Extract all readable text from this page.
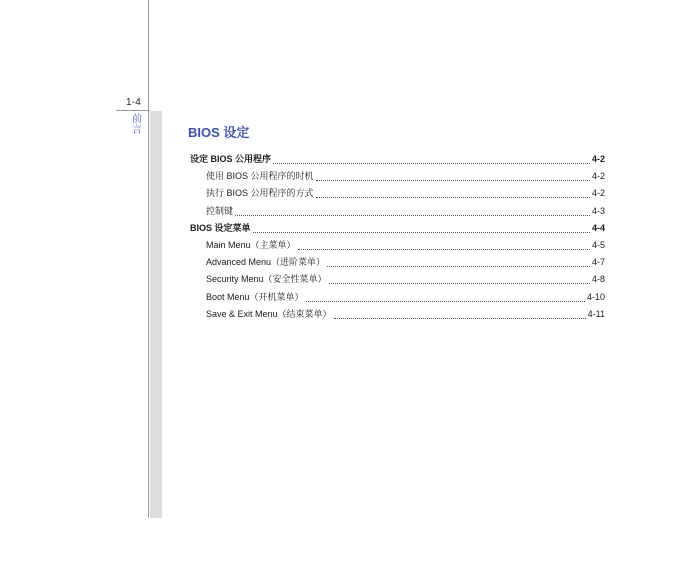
1-4
前
言	BIOS 设定
设定 BIOS 公用程序	4-2
使用 BIOS 公用程序的时机	4-2
执行 BIOS 公用程序的方式	4-2
控制键	4-3
BIOS 设定菜单	4-4
Main Menu（主菜单）	4-5
Advanced Menu（进阶菜单）	4-7
Security Menu（安全性菜单）	4-8
Boot Menu（开机菜单）	4-10
Save & Exit Menu（结束菜单）	4-11
